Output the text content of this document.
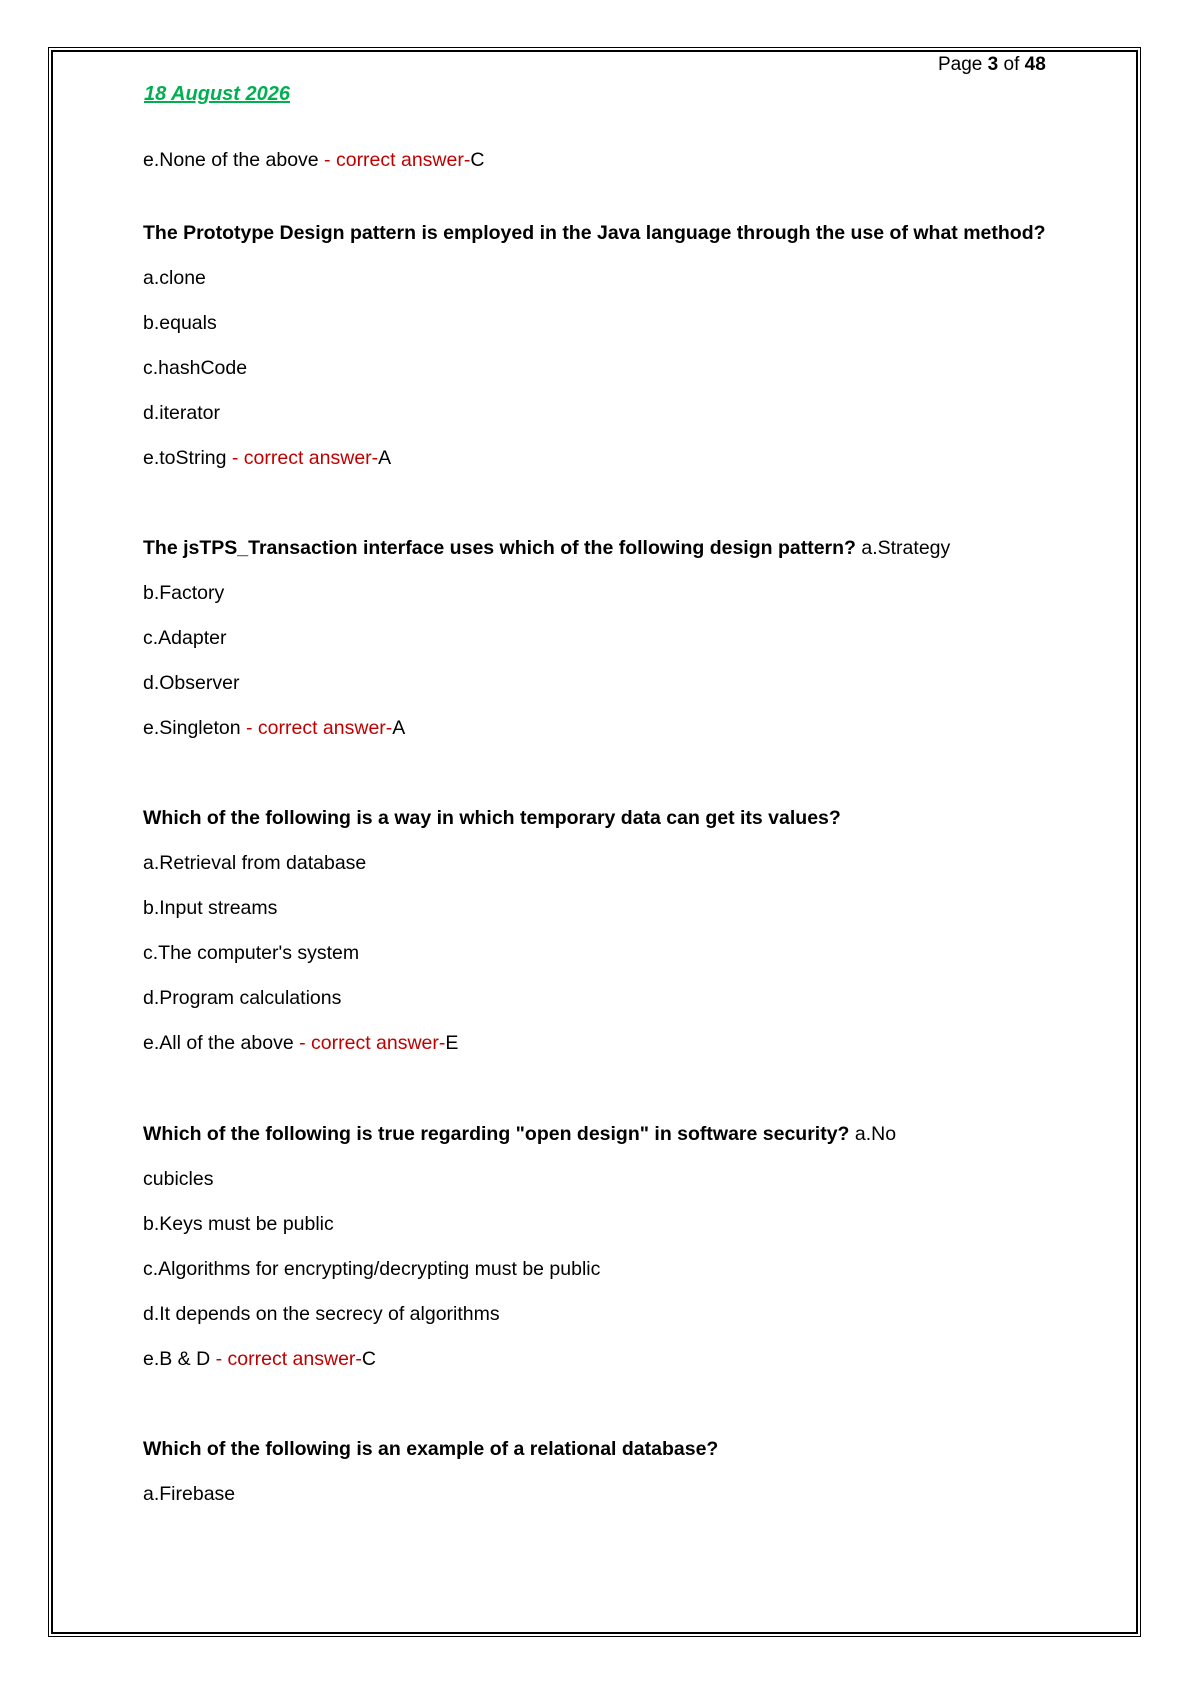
Page 3 of 48
18 August 2026
e.None of the above - correct answer-C
The Prototype Design pattern is employed in the Java language through the use of what method?
a.clone
b.equals
c.hashCode
d.iterator
e.toString - correct answer-A
The jsTPS_Transaction interface uses which of the following design pattern? a.Strategy
b.Factory
c.Adapter
d.Observer
e.Singleton - correct answer-A
Which of the following is a way in which temporary data can get its values?
a.Retrieval from database
b.Input streams
c.The computer's system
d.Program calculations
e.All of the above - correct answer-E
Which of the following is true regarding "open design" in software security? a.No
cubicles
b.Keys must be public
c.Algorithms for encrypting/decrypting must be public
d.It depends on the secrecy of algorithms
e.B & D - correct answer-C
Which of the following is an example of a relational database?
a.Firebase
